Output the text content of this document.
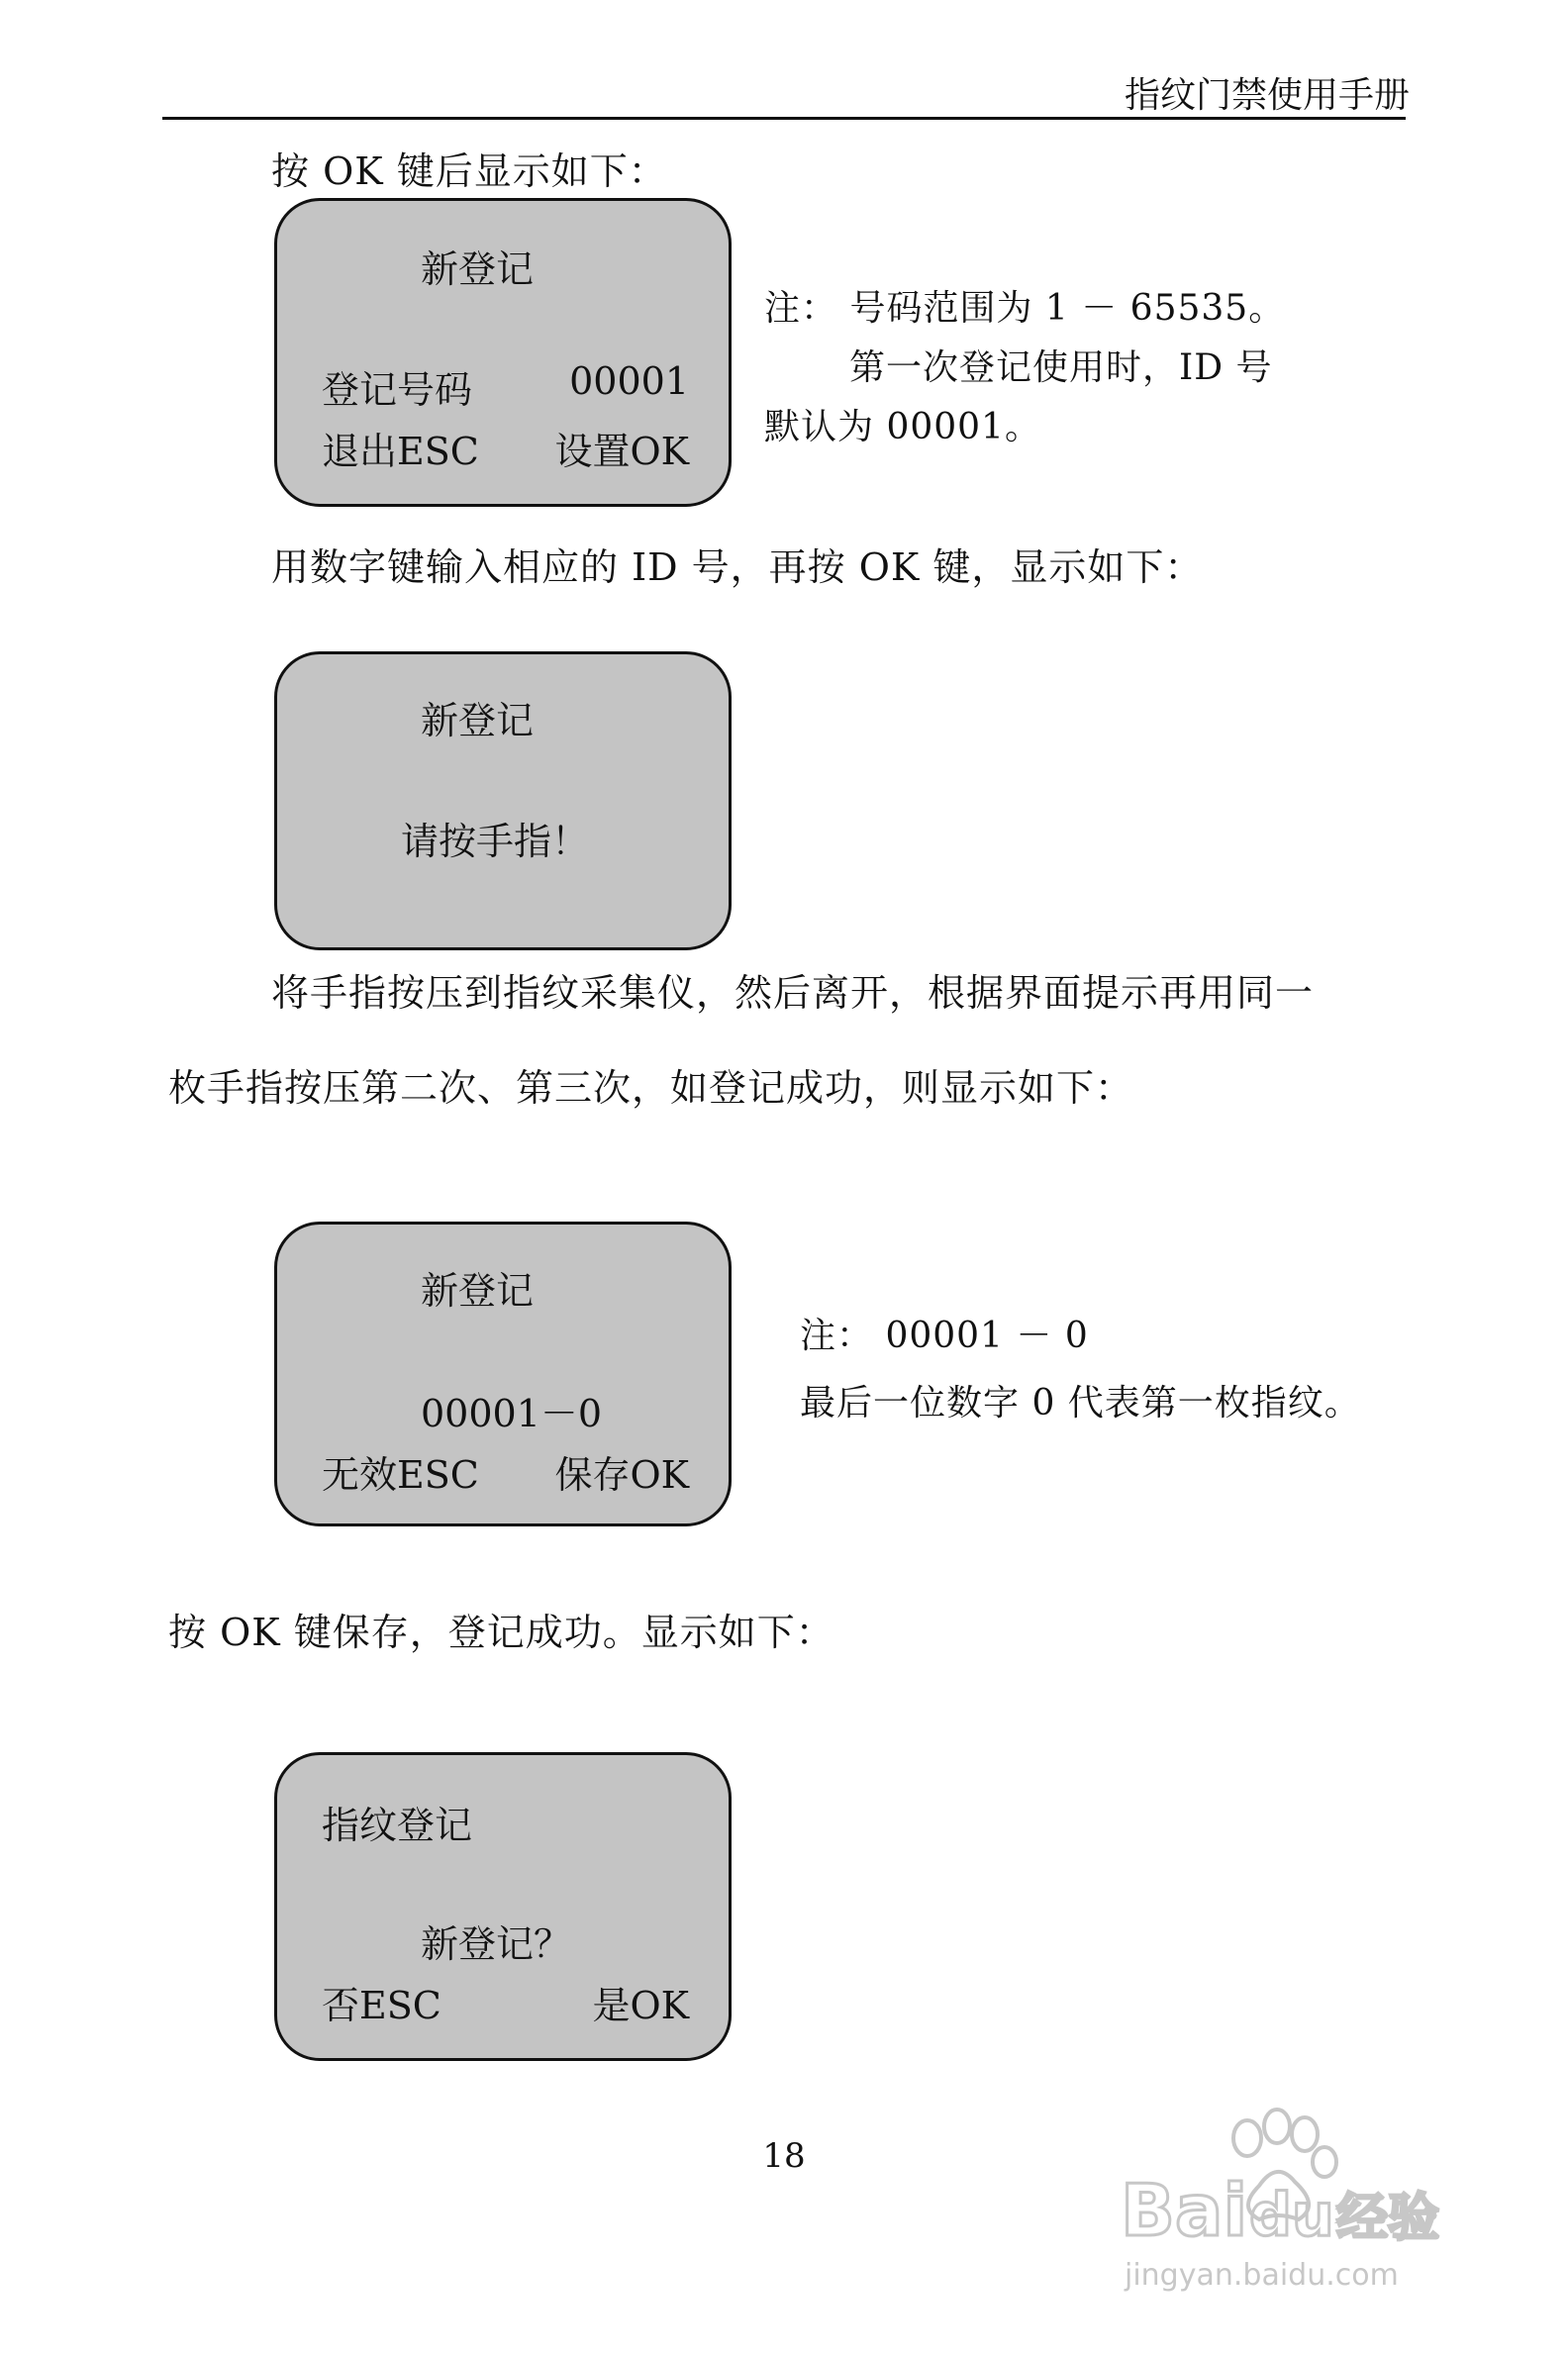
指纹门禁使用手册
按 OK 键后显示如下：
新登记
登记号码	00001
退出ESC 设置OK
注： 号码范围为 1 － 65535。
第一次登记使用时，ID 号
默认为 00001。
用数字键输入相应的 ID 号，再按 OK 键，显示如下：
新登记
请按手指！
将手指按压到指纹采集仪，然后离开，根据界面提示再用同一
枚手指按压第二次、第三次，如登记成功，则显示如下：
新登记
00001－0
无效ESC 保存OK
注： 00001 － 0
最后一位数字 0 代表第一枚指纹。
按 OK 键保存，登记成功。显示如下：
指纹登记
新登记？
否ESC	是OK
18
Bai du 经验
jingyan.baidu.com
